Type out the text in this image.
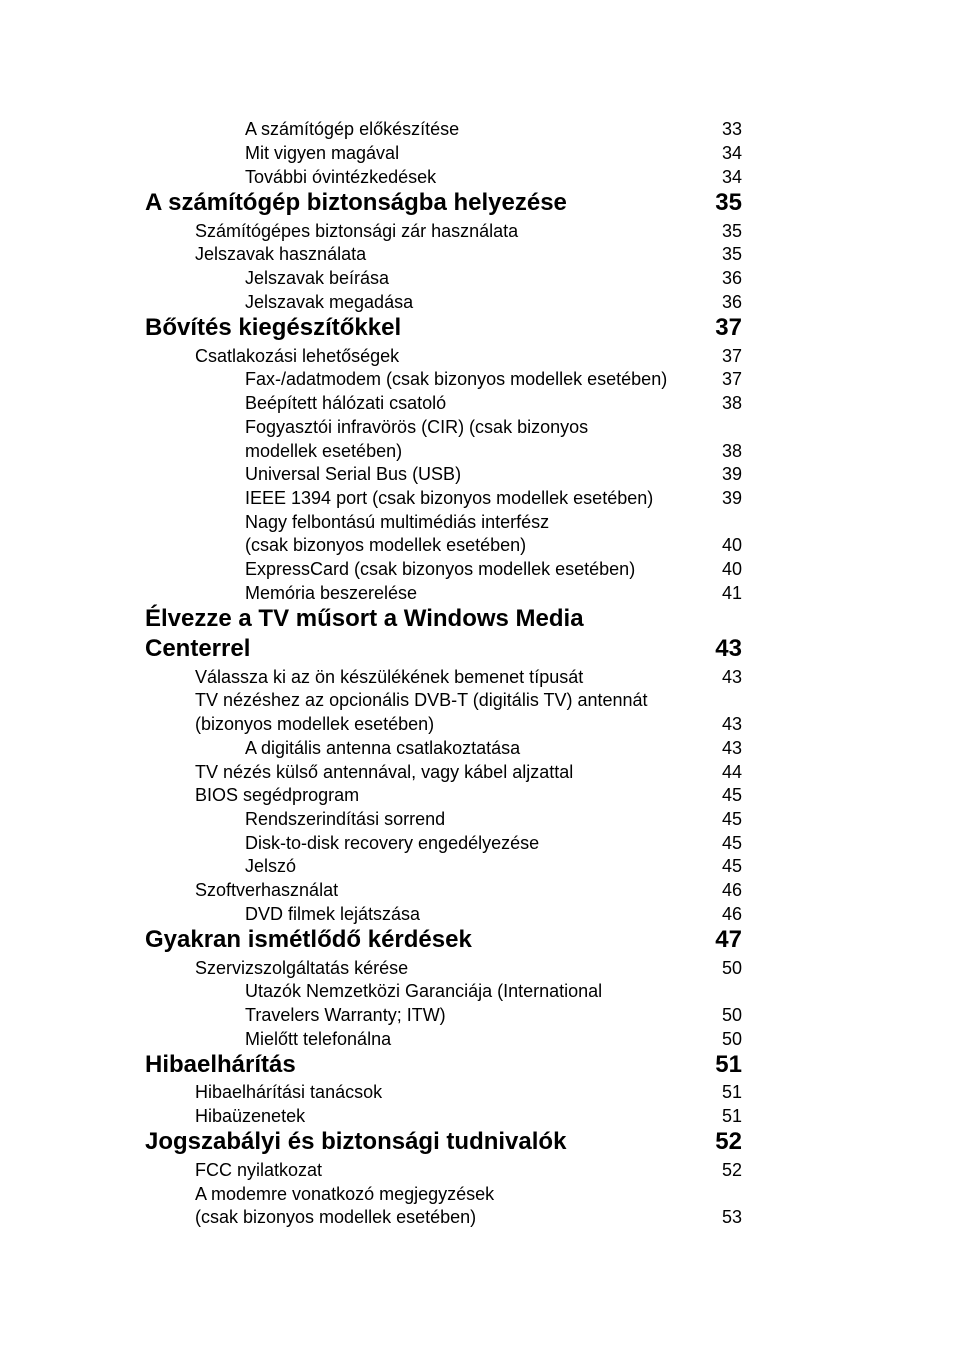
A számítógép előkészítése	33
Mit vigyen magával	34
További óvintézkedések	34
A számítógép biztonságba helyezése	35
Számítógépes biztonsági zár használata	35
Jelszavak használata	35
Jelszavak beírása	36
Jelszavak megadása	36
Bővítés kiegészítőkkel	37
Csatlakozási lehetőségek	37
Fax-/adatmodem (csak bizonyos modellek esetében)	37
Beépített hálózati csatoló	38
Fogyasztói infravörös (CIR) (csak bizonyos
modellek esetében)	38
Universal Serial Bus (USB)	39
IEEE 1394 port (csak bizonyos modellek esetében)	39
Nagy felbontású multimédiás interfész
(csak bizonyos modellek esetében)	40
ExpressCard (csak bizonyos modellek esetében)	40
Memória beszerelése	41
Élvezze a TV műsort a Windows Media
Centerrel	43
Válassza ki az ön készülékének bemenet típusát	43
TV nézéshez az opcionális DVB-T (digitális TV) antennát
(bizonyos modellek esetében)	43
A digitális antenna csatlakoztatása	43
TV nézés külső antennával, vagy kábel aljzattal	44
BIOS segédprogram	45
Rendszerindítási sorrend	45
Disk-to-disk recovery engedélyezése	45
Jelszó	45
Szoftverhasználat	46
DVD filmek lejátszása	46
Gyakran ismétlődő kérdések	47
Szervizszolgáltatás kérése	50
Utazók Nemzetközi Garanciája (International
Travelers Warranty; ITW)	50
Mielőtt telefonálna	50
Hibaelhárítás	51
Hibaelhárítási tanácsok	51
Hibaüzenetek	51
Jogszabályi és biztonsági tudnivalók	52
FCC nyilatkozat	52
A modemre vonatkozó megjegyzések
(csak bizonyos modellek esetében)	53
